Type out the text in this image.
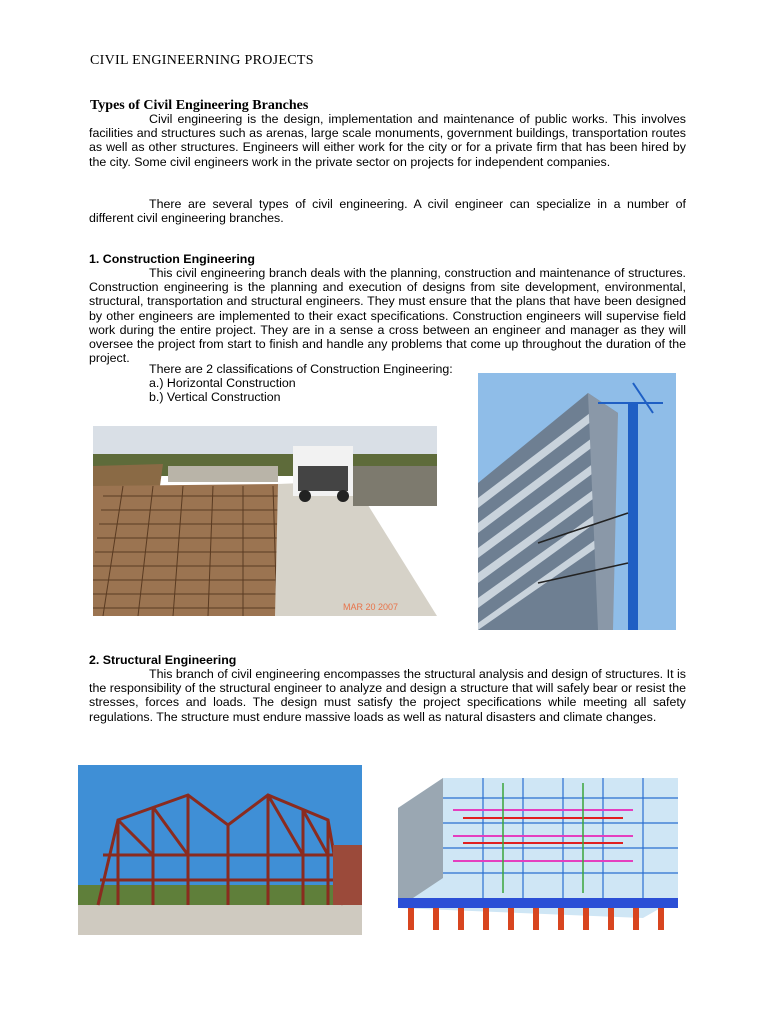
CIVIL ENGINEERNING PROJECTS
Types of Civil Engineering Branches

Civil engineering is the design, implementation and maintenance of public works. This involves facilities and structures such as arenas, large scale monuments, government buildings, transportation routes as well as other structures. Engineers will either work for the city or for a private firm that has been hired by the city. Some civil engineers work in the private sector on projects for independent companies.

There are several types of civil engineering. A civil engineer can specialize in a number of different civil engineering branches.

1. Construction Engineering

This civil engineering branch deals with the planning, construction and maintenance of structures. Construction engineering is the planning and execution of designs from site development, environmental, structural, transportation and structural engineers. They must ensure that the plans that have been designed by other engineers are implemented to their exact specifications. Construction engineers will supervise field work during the entire project. They are in a sense a cross between an engineer and manager as they will oversee the project from start to finish and handle any problems that come up throughout the duration of the project.

There are 2 classifications of Construction Engineering:
a.) Horizontal Construction
b.) Vertical Construction
MAR 20 2007
2. Structural Engineering

This branch of civil engineering encompasses the structural analysis and design of structures. It is the responsibility of the structural engineer to analyze and design a structure that will safely bear or resist the stresses, forces and loads. The design must satisfy the project specifications while meeting all safety regulations. The structure must endure massive loads as well as natural disasters and climate changes.
